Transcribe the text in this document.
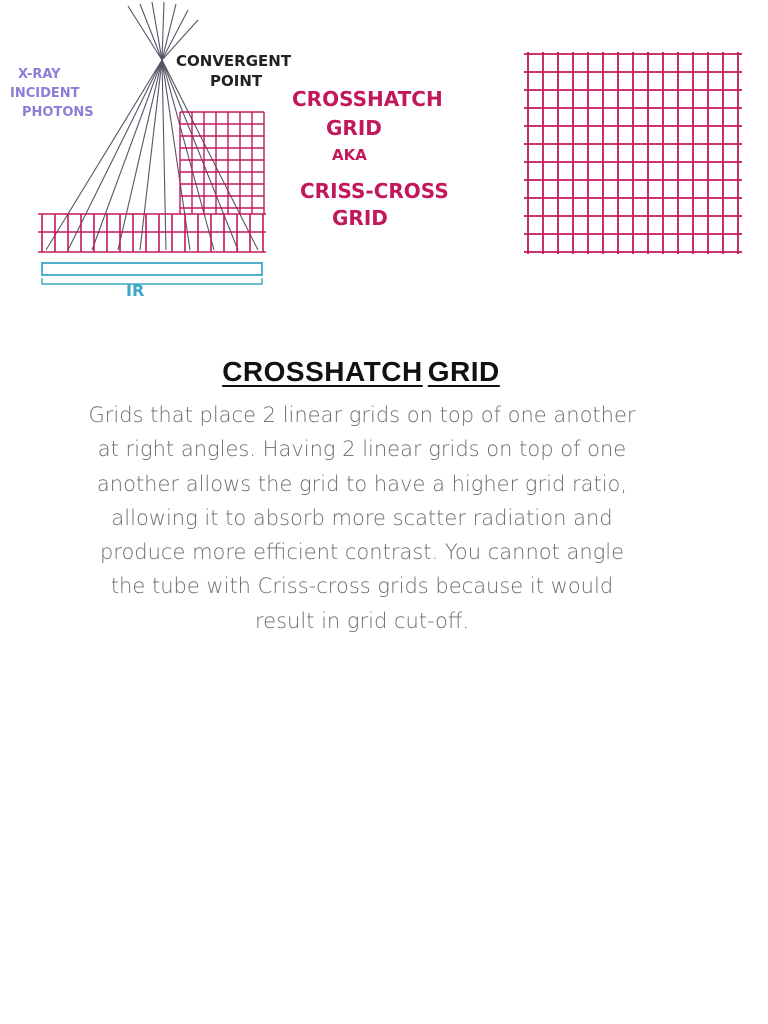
CONVERGENT
POINT
X-RAY
INCIDENT
PHOTONS
IR
CROSSHATCH
GRID
AKA
CRISS-CROSS
GRID
CROSSHATCH GRID

Grids that place 2 linear grids on top of one another at right angles. Having 2 linear grids on top of one another allows the grid to have a higher grid ratio, allowing it to absorb more scatter radiation and produce more efficient contrast. You cannot angle the tube with Criss-cross grids because it would result in grid cut-off.
